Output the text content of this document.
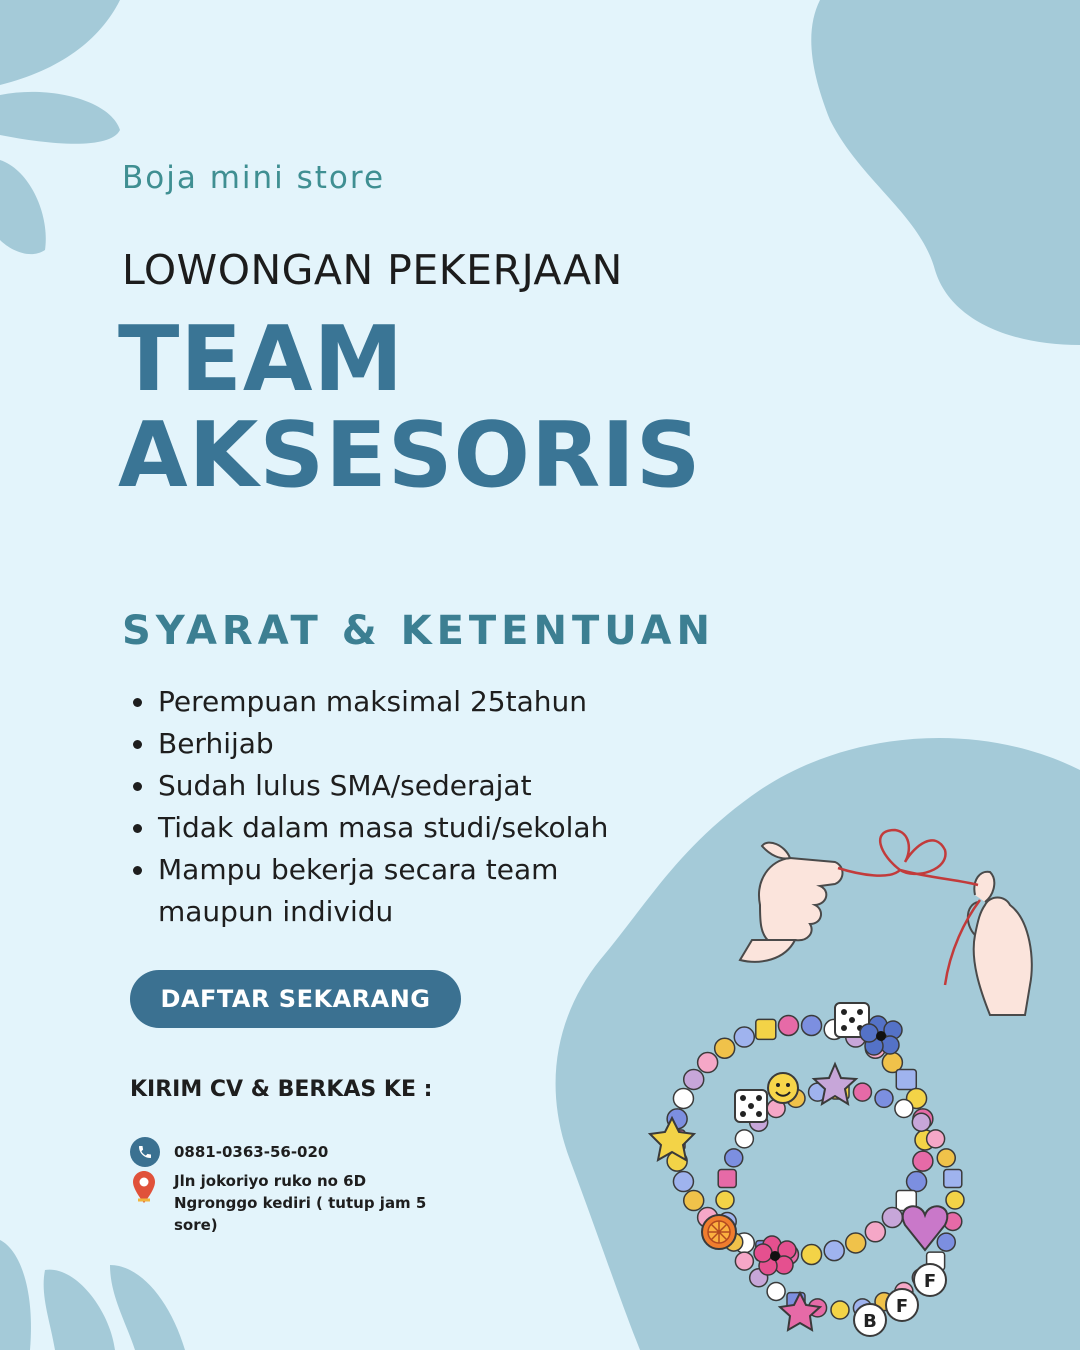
B
F
F
Boja mini store
LOWONGAN PEKERJAAN
TEAM
AKSESORIS
SYARAT & KETENTUAN
Perempuan maksimal 25tahun
Berhijab
Sudah lulus SMA/sederajat
Tidak dalam masa studi/sekolah
Mampu bekerja secara team maupun individu
DAFTAR SEKARANG
KIRIM CV & BERKAS KE :
0881-0363-56-020
Jln jokoriyo ruko no 6D Ngronggo kediri ( tutup jam 5 sore)
